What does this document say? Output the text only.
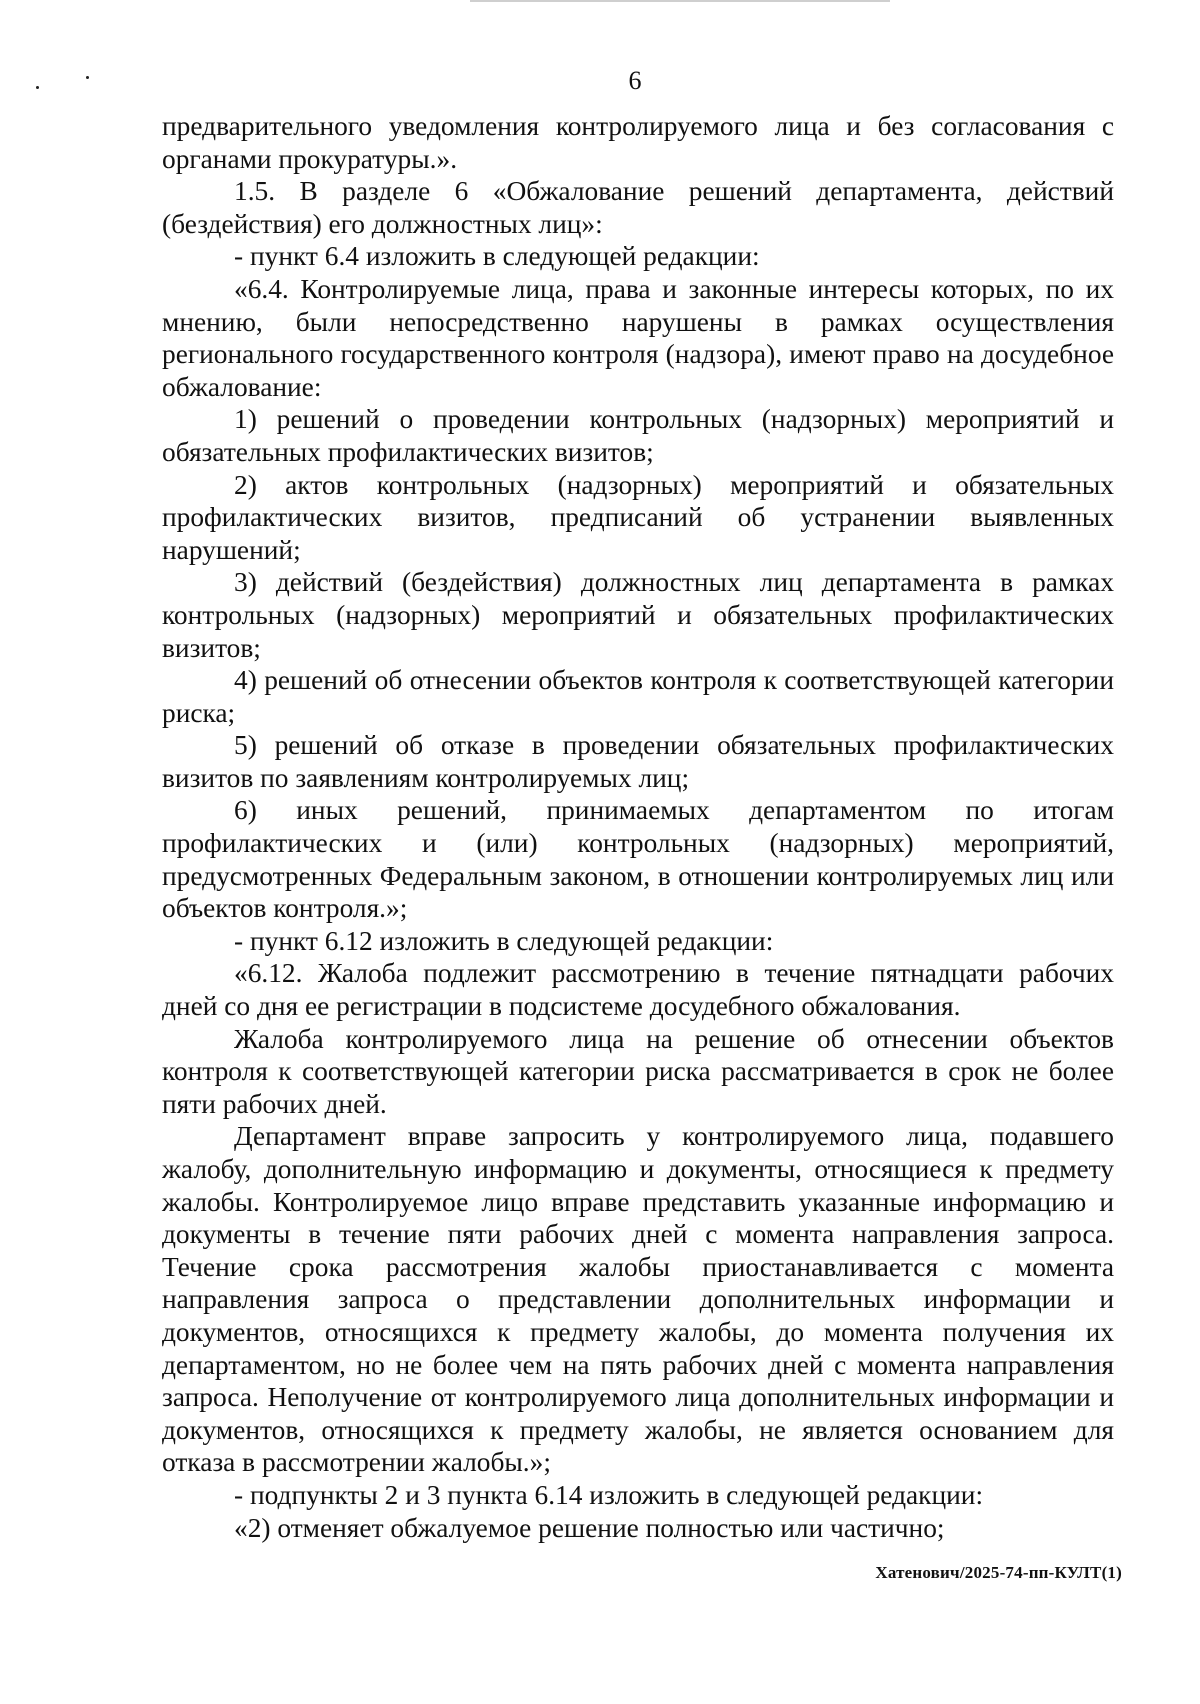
6

предварительного уведомления контролируемого лица и без согласования с органами прокуратуры.».

1.5. В разделе 6 «Обжалование решений департамента, действий (бездействия) его должностных лиц»:

- пункт 6.4 изложить в следующей редакции:

«6.4. Контролируемые лица, права и законные интересы которых, по их мнению, были непосредственно нарушены в рамках осуществления регионального государственного контроля (надзора), имеют право на досудебное обжалование:

1) решений о проведении контрольных (надзорных) мероприятий и обязательных профилактических визитов;

2) актов контрольных (надзорных) мероприятий и обязательных профилактических визитов, предписаний об устранении выявленных нарушений;

3) действий (бездействия) должностных лиц департамента в рамках контрольных (надзорных) мероприятий и обязательных профилактических визитов;

4) решений об отнесении объектов контроля к соответствующей категории риска;

5) решений об отказе в проведении обязательных профилактических визитов по заявлениям контролируемых лиц;

6) иных решений, принимаемых департаментом по итогам профилактических и (или) контрольных (надзорных) мероприятий, предусмотренных Федеральным законом, в отношении контролируемых лиц или объектов контроля.»;

- пункт 6.12 изложить в следующей редакции:

«6.12. Жалоба подлежит рассмотрению в течение пятнадцати рабочих дней со дня ее регистрации в подсистеме досудебного обжалования.

Жалоба контролируемого лица на решение об отнесении объектов контроля к соответствующей категории риска рассматривается в срок не более пяти рабочих дней.

Департамент вправе запросить у контролируемого лица, подавшего жалобу, дополнительную информацию и документы, относящиеся к предмету жалобы. Контролируемое лицо вправе представить указанные информацию и документы в течение пяти рабочих дней с момента направления запроса. Течение срока рассмотрения жалобы приостанавливается с момента направления запроса о представлении дополнительных информации и документов, относящихся к предмету жалобы, до момента получения их департаментом, но не более чем на пять рабочих дней с момента направления запроса. Неполучение от контролируемого лица дополнительных информации и документов, относящихся к предмету жалобы, не является основанием для отказа в рассмотрении жалобы.»;

- подпункты 2 и 3 пункта 6.14 изложить в следующей редакции:

«2) отменяет обжалуемое решение полностью или частично;

Хатенович/2025-74-пп-КУЛТ(1)
